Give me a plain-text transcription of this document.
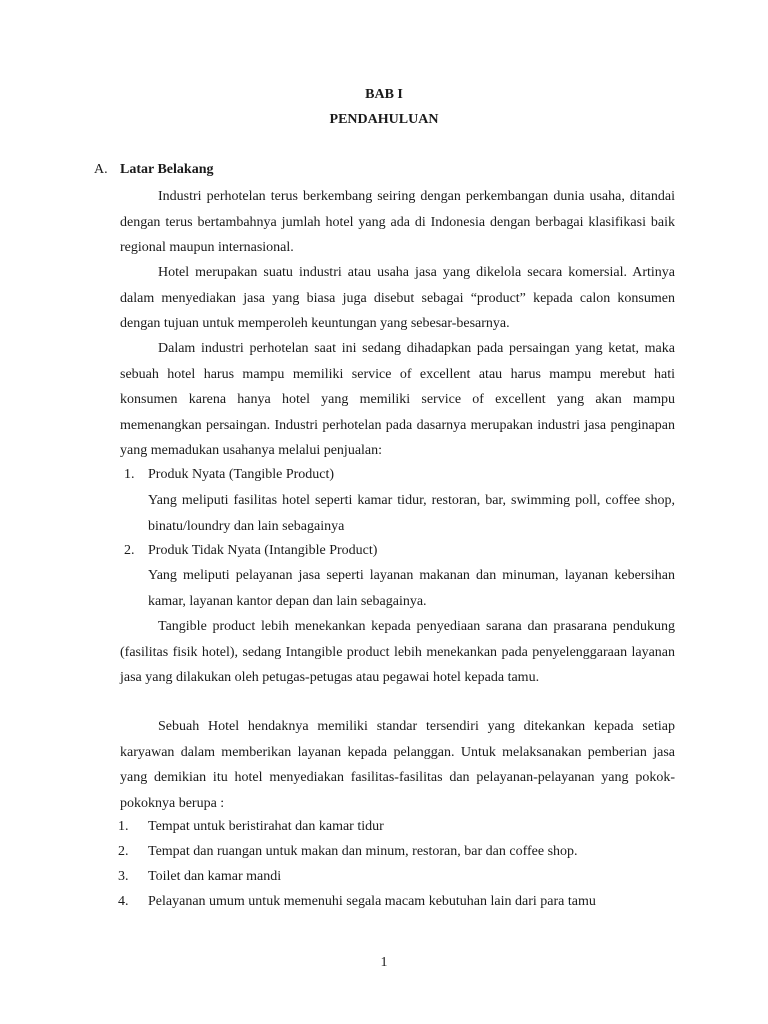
BAB I
PENDAHULUAN
A. Latar Belakang
Industri perhotelan terus berkembang seiring dengan perkembangan dunia usaha, ditandai dengan terus bertambahnya jumlah hotel yang ada di Indonesia dengan berbagai klasifikasi baik regional maupun internasional.
Hotel merupakan suatu industri atau usaha jasa yang dikelola secara komersial. Artinya dalam menyediakan jasa yang biasa juga disebut sebagai “product” kepada calon konsumen dengan tujuan untuk memperoleh keuntungan yang sebesar-besarnya.
Dalam industri perhotelan saat ini sedang dihadapkan pada persaingan yang ketat, maka sebuah hotel harus mampu memiliki service of excellent atau harus mampu merebut hati konsumen karena hanya hotel yang memiliki service of excellent yang akan mampu memenangkan persaingan. Industri perhotelan pada dasarnya merupakan industri jasa penginapan yang memadukan usahanya melalui penjualan:
1. Produk Nyata (Tangible Product)
Yang meliputi fasilitas hotel seperti kamar tidur, restoran, bar, swimming poll, coffee shop, binatu/loundry dan lain sebagainya
2. Produk Tidak Nyata (Intangible Product)
Yang meliputi pelayanan jasa seperti layanan makanan dan minuman, layanan kebersihan kamar, layanan kantor depan dan lain sebagainya.
Tangible product lebih menekankan kepada penyediaan sarana dan prasarana pendukung (fasilitas fisik hotel), sedang Intangible product lebih menekankan pada penyelenggaraan layanan jasa yang dilakukan oleh petugas-petugas atau pegawai hotel kepada tamu.
Sebuah Hotel hendaknya memiliki standar tersendiri yang ditekankan kepada setiap karyawan dalam memberikan layanan kepada pelanggan. Untuk melaksanakan pemberian jasa yang demikian itu hotel menyediakan fasilitas-fasilitas dan pelayanan-pelayanan yang pokok-pokoknya berupa :
1. Tempat untuk beristirahat dan kamar tidur
2. Tempat dan ruangan untuk makan dan minum, restoran, bar dan coffee shop.
3. Toilet dan kamar mandi
4. Pelayanan umum untuk memenuhi segala macam kebutuhan lain dari para tamu
1
